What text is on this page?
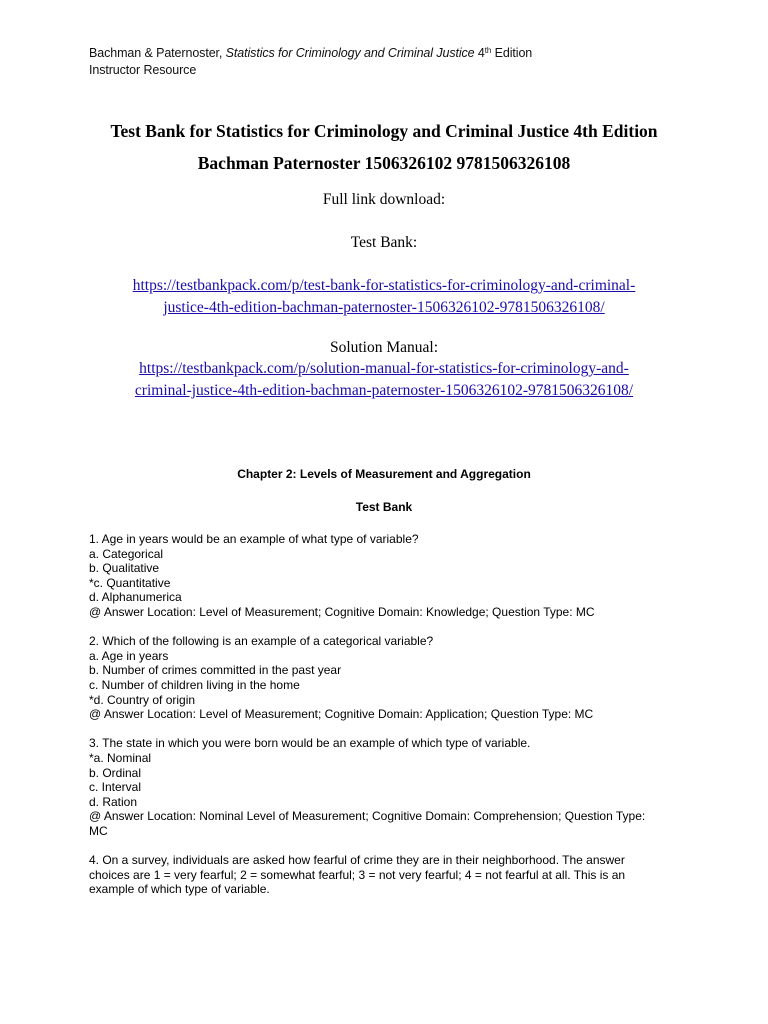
Bachman & Paternoster, Statistics for Criminology and Criminal Justice 4th Edition
Instructor Resource
Test Bank for Statistics for Criminology and Criminal Justice 4th Edition
Bachman Paternoster 1506326102 9781506326108
Full link download:
Test Bank:
https://testbankpack.com/p/test-bank-for-statistics-for-criminology-and-criminal-
justice-4th-edition-bachman-paternoster-1506326102-9781506326108/
Solution Manual:
https://testbankpack.com/p/solution-manual-for-statistics-for-criminology-and-
criminal-justice-4th-edition-bachman-paternoster-1506326102-9781506326108/
Chapter 2: Levels of Measurement and Aggregation
Test Bank
1. Age in years would be an example of what type of variable?
a. Categorical
b. Qualitative
*c. Quantitative
d. Alphanumerica
@ Answer Location: Level of Measurement; Cognitive Domain: Knowledge; Question Type: MC
2. Which of the following is an example of a categorical variable?
a. Age in years
b. Number of crimes committed in the past year
c. Number of children living in the home
*d. Country of origin
@ Answer Location: Level of Measurement; Cognitive Domain: Application; Question Type: MC
3. The state in which you were born would be an example of which type of variable.
*a. Nominal
b. Ordinal
c. Interval
d. Ration
@ Answer Location: Nominal Level of Measurement; Cognitive Domain: Comprehension; Question Type:
MC
4. On a survey, individuals are asked how fearful of crime they are in their neighborhood. The answer
choices are 1 = very fearful; 2 = somewhat fearful; 3 = not very fearful; 4 = not fearful at all. This is an
example of which type of variable.
